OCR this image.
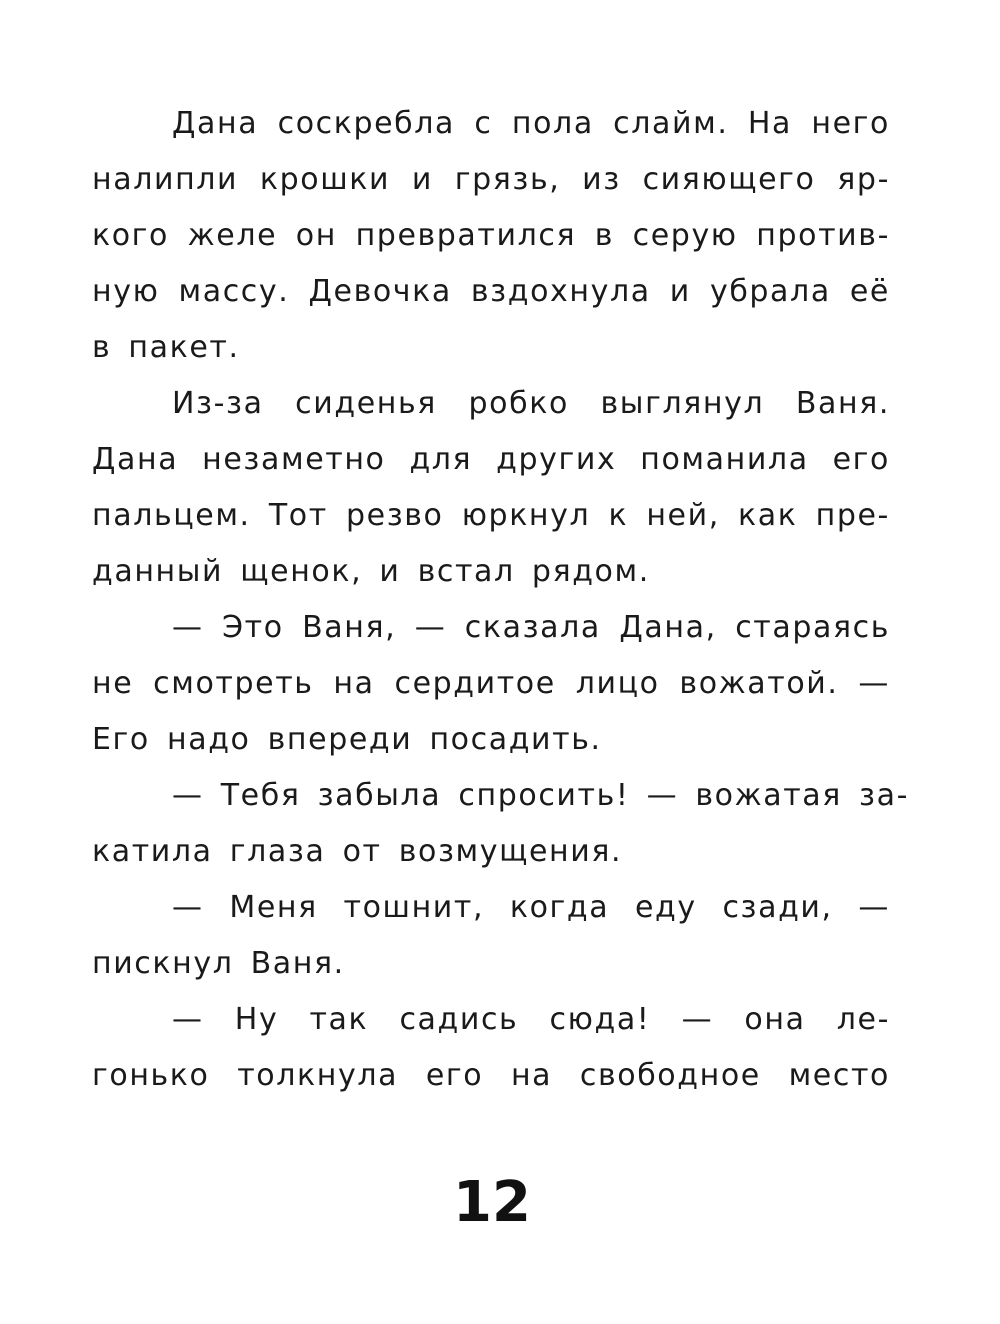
Дана соскребла с пола слайм. На него
налипли крошки и грязь, из сияющего яр-
кого желе он превратился в серую против-
ную массу. Девочка вздохнула и убрала её
в пакет.
Из-за сиденья робко выглянул Ваня.
Дана незаметно для других поманила его
пальцем. Тот резво юркнул к ней, как пре-
данный щенок, и встал рядом.
— Это Ваня, — сказала Дана, стараясь
не смотреть на сердитое лицо вожатой. —
Его надо впереди посадить.
— Тебя забыла спросить! — вожатая за-
катила глаза от возмущения.
— Меня тошнит, когда еду сзади, —
пискнул Ваня.
— Ну так садись сюда! — она ле-
гонько толкнула его на свободное место
12
